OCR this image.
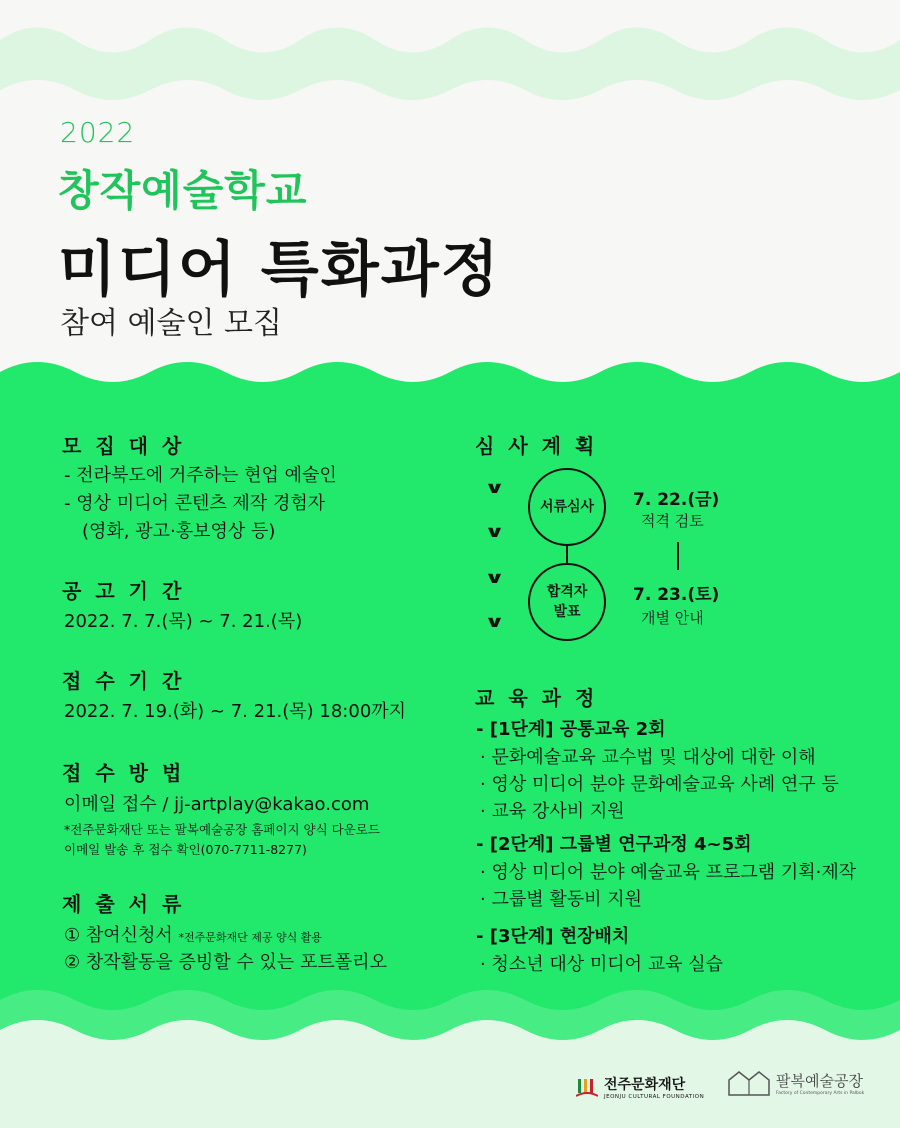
2022
창작예술학교
미디어 특화과정
참여 예술인 모집
모집대상
- 전라북도에 거주하는 현업 예술인
- 영상 미디어 콘텐츠 제작 경험자
(영화, 광고·홍보영상 등)
공고기간
2022. 7. 7.(목) ~ 7. 21.(목)
접수기간
2022. 7. 19.(화) ~ 7. 21.(목) 18:00까지
접수방법
이메일 접수 / jj-artplay@kakao.com
*전주문화재단 또는 팔복예술공장 홈페이지 양식 다운로드
이메일 발송 후 접수 확인(070-7711-8277)
제출서류
① 참여신청서 *전주문화재단 제공 양식 활용
② 창작활동을 증빙할 수 있는 포트폴리오
심사계획
∨
∨
∨
∨
서류심사
합격자
발표
7. 22.(금)
적격 검토
7. 23.(토)
개별 안내
교육과정
- [1단계] 공통교육 2회
· 문화예술교육 교수법 및 대상에 대한 이해
· 영상 미디어 분야 문화예술교육 사례 연구 등
· 교육 강사비 지원
- [2단계] 그룹별 연구과정 4~5회
· 영상 미디어 분야 예술교육 프로그램 기획·제작
· 그룹별 활동비 지원
- [3단계] 현장배치
· 청소년 대상 미디어 교육 실습
전주문화재단
JEONJU CULTURAL FOUNDATION
팔복예술공장
Factory of Contemporary Arts in Palbok
